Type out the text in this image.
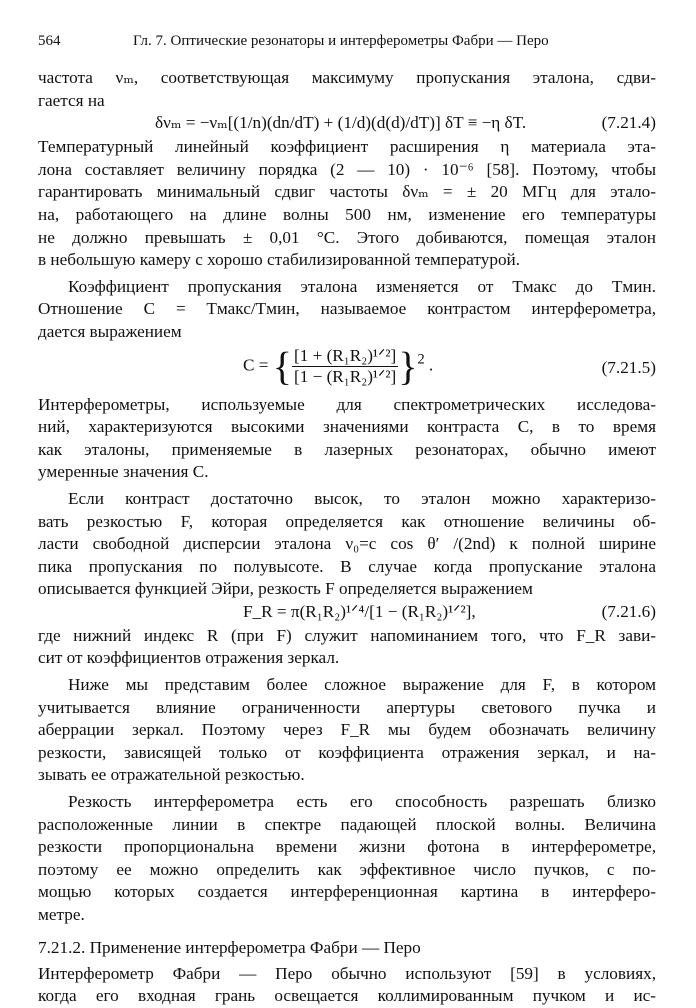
564	Гл. 7. Оптические резонаторы и интерферометры Фабри — Перо
частота νₘ, соответствующая максимуму пропускания эталона, сдви-
гается на
δνₘ = −νₘ[(1/n)(dn/dT) + (1/d)(d(d)/dT)] δT ≡ −η δT.	(7.21.4)
Температурный линейный коэффициент расширения η материала эта-
лона составляет величину порядка (2 — 10) · 10⁻⁶ [58]. Поэтому, чтобы
гарантировать минимальный сдвиг частоты δνₘ = ± 20 МГц для этало-
на, работающего на длине волны 500 нм, изменение его температуры
не должно превышать ± 0,01 °С. Этого добиваются, помещая эталон
в небольшую камеру с хорошо стабилизированной температурой.
Коэффициент пропускания эталона изменяется от Tмакс до Tмин.
Отношение C = Tмакс/Tмин, называемое контрастом интерферометра,
дается выражением
C = { $\frac{\text{[1 + (R₁R₂)¹ᐟ²]}}{\text{[1 − (R₁R₂)¹ᐟ²]}} \}^2$ .	(7.21.5)
Интерферометры, используемые для спектрометрических исследова-
ний, характеризуются высокими значениями контраста C, в то время
как эталоны, применяемые в лазерных резонаторах, обычно имеют
умеренные значения C.
Если контраст достаточно высок, то эталон можно характеризо-
вать резкостью F, которая определяется как отношение величины об-
ласти свободной дисперсии эталона ν₀=c cos θ′ /(2nd) к полной ширине
пика пропускания по полувысоте. В случае когда пропускание эталона
описывается функцией Эйри, резкость F определяется выражением
F_R = π(R₁R₂)¹ᐟ⁴/[1 − (R₁R₂)¹ᐟ²],	(7.21.6)
где нижний индекс R (при F) служит напоминанием того, что F_R зави-
сит от коэффициентов отражения зеркал.
Ниже мы представим более сложное выражение для F, в котором
учитывается влияние ограниченности апертуры светового пучка и
аберрации зеркал. Поэтому через F_R мы будем обозначать величину
резкости, зависящей только от коэффициента отражения зеркал, и на-
зывать ее отражательной резкостью.
Резкость интерферометра есть его способность разрешать близко
расположенные линии в спектре падающей плоской волны. Величина
резкости пропорциональна времени жизни фотона в интерферометре,
поэтому ее можно определить как эффективное число пучков, с по-
мощью которых создается интерференционная картина в интерферо-
метре.
7.21.2. Применение интерферометра Фабри — Перо
Интерферометр Фабри — Перо обычно используют [59] в условиях,
когда его входная грань освещается коллимированным пучком и ис-
